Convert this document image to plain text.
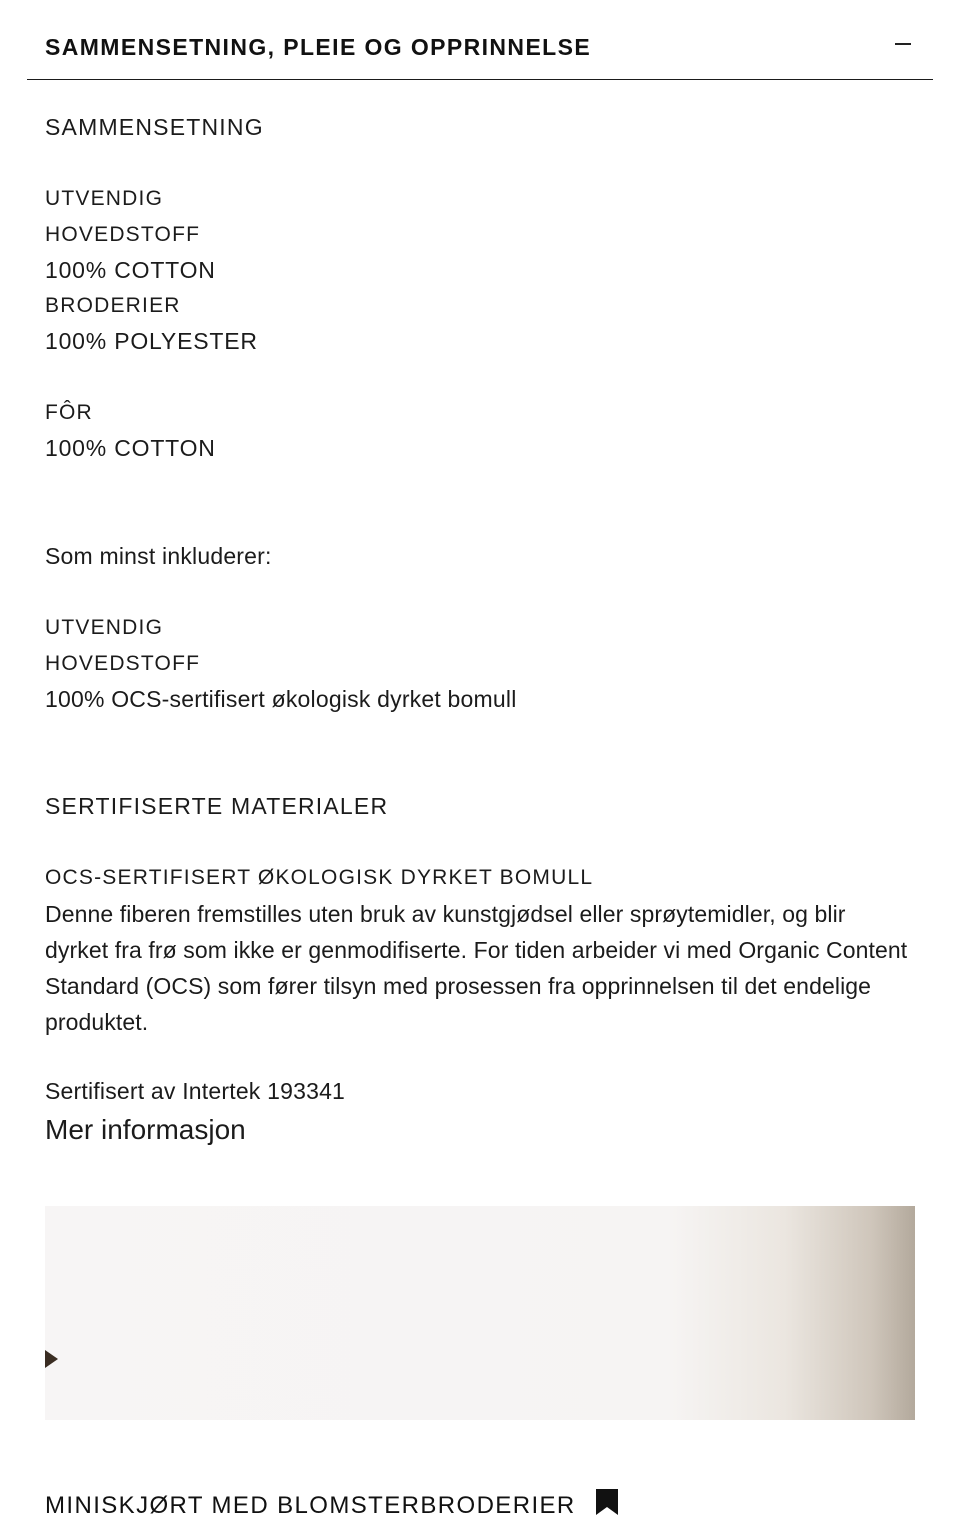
SAMMENSETNING, PLEIE OG OPPRINNELSE
SAMMENSETNING
UTVENDIG
HOVEDSTOFF
100% COTTON
BRODERIER
100% POLYESTER
FÔR
100% COTTON
Som minst inkluderer:
UTVENDIG
HOVEDSTOFF
100% OCS-sertifisert økologisk dyrket bomull
SERTIFISERTE MATERIALER
OCS-SERTIFISERT ØKOLOGISK DYRKET BOMULL
Denne fiberen fremstilles uten bruk av kunstgjødsel eller sprøytemidler, og blir dyrket fra frø som ikke er genmodifiserte. For tiden arbeider vi med Organic Content Standard (OCS) som fører tilsyn med prosessen fra opprinnelsen til det endelige produktet.
Sertifisert av Intertek 193341
Mer informasjon
MINISKJØRT MED BLOMSTERBRODERIER
